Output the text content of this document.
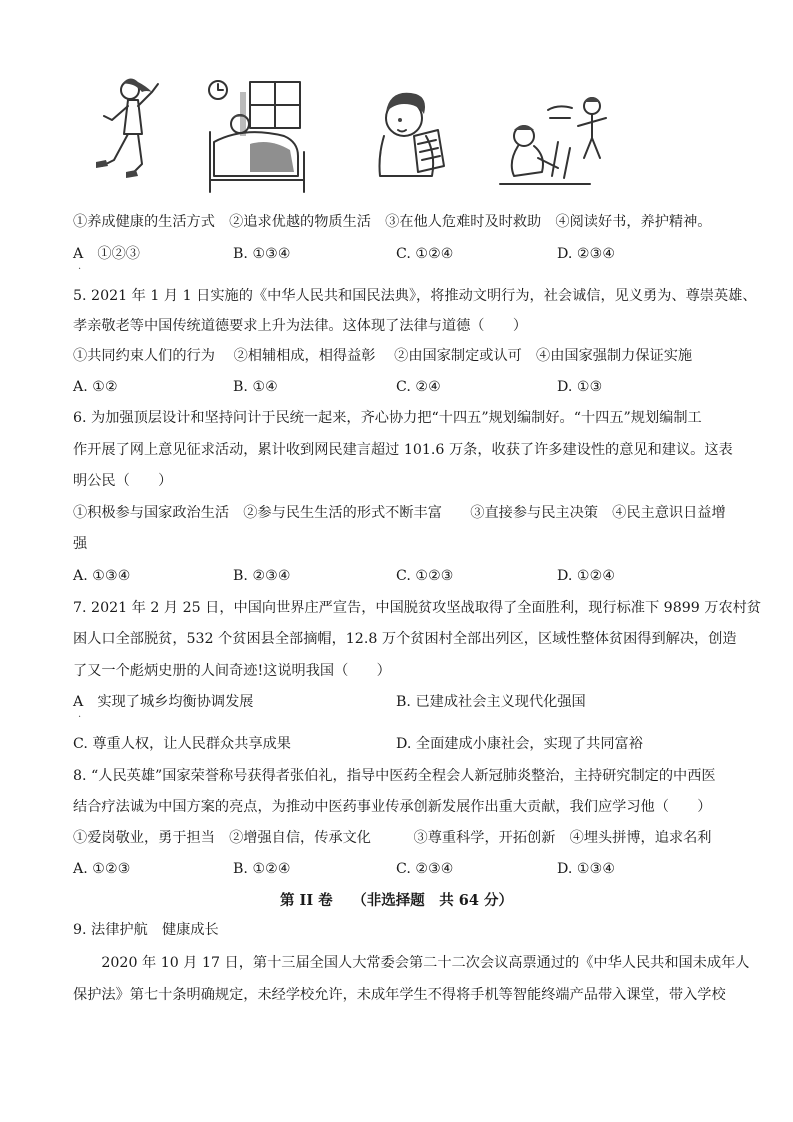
①养成健康的生活方式　②追求优越的物质生活　③在他人危难时及时救助　④阅读好书，养护精神。
A　①②③	B. ①③④	C. ①②④	D. ②③④
·
5. 2021 年 1 月 1 日实施的《中华人民共和国民法典》，将推动文明行为，社会诚信，见义勇为、尊崇英雄、
孝亲敬老等中国传统道德要求上升为法律。这体现了法律与道德（　　）
①共同约束人们的行为　 ②相辅相成，相得益彰　 ②由国家制定或认可　④由国家强制力保证实施
A. ①②	B. ①④	C. ②④	D. ①③
6. 为加强顶层设计和坚持问计于民统一起来，齐心协力把“十四五”规划编制好。“十四五”规划编制工
作开展了网上意见征求活动，累计收到网民建言超过 101.6 万条，收获了许多建设性的意见和建议。这表
明公民（　　）
①积极参与国家政治生活　②参与民生生活的形式不断丰富　　③直接参与民主决策　④民主意识日益增
强
A. ①③④	B. ②③④	C. ①②③	D. ①②④
7. 2021 年 2 月 25 日，中国向世界庄严宣告，中国脱贫攻坚战取得了全面胜利，现行标准下 9899 万农村贫
困人口全部脱贫，532 个贫困县全部摘帽，12.8 万个贫困村全部出列区，区域性整体贫困得到解决，创造
了又一个彪炳史册的人间奇迹!这说明我国（　　）
A　实现了城乡均衡协调发展	B. 已建成社会主义现代化强国
·
C. 尊重人权，让人民群众共享成果	D. 全面建成小康社会，实现了共同富裕
8. “人民英雄”国家荣誉称号获得者张伯礼，指导中医药全程会人新冠肺炎整治，主持研究制定的中西医
结合疗法诚为中国方案的亮点，为推动中医药事业传承创新发展作出重大贡献，我们应学习他（　　）
①爱岗敬业，勇于担当　②增强自信，传承文化　　　③尊重科学，开拓创新　④埋头拼博，追求名利
A. ①②③	B. ①②④	C. ②③④	D. ①③④
第 II 卷　 （非选择题　共 64 分）
9. 法律护航　健康成长
　　2020 年 10 月 17 日，第十三届全国人大常委会第二十二次会议高票通过的《中华人民共和国未成年人
保护法》第七十条明确规定，未经学校允许，未成年学生不得将手机等智能终端产品带入课堂，带入学校
